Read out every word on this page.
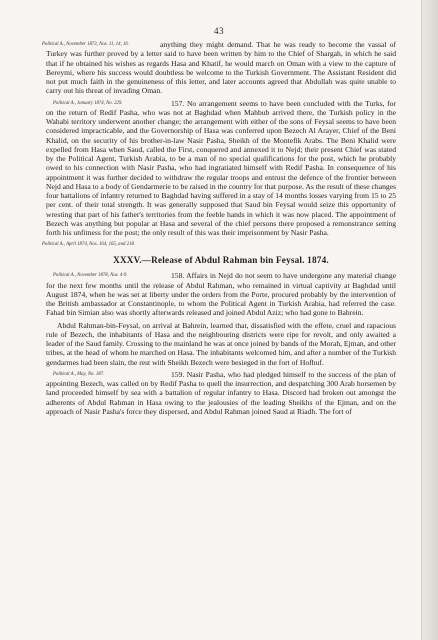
43

Political A., November 1873, Nos. 11, 14, 16.	anything they might demand. That he was ready to become the vassal of Turkey was further proved by a letter said to have been written by him to the Chief of Shargah, in which he said that if he obtained his wishes as regards Hasa and Khatif, he would march on Oman with a view to the capture of Bereymi, where his success would doubtless be welcome to the Turkish Government. The Assistant Resident did not put much faith in the genuineness of this letter, and later accounts agreed that Abdullah was quite unable to carry out his threat of invading Oman.

Political A., January 1874, No. 229.	157. No arrangement seems to have been concluded with the Turks, for on the return of Redif Pasha, who was not at Baghdad when Mahbub arrived there, the Turkish policy in the Wahabi territory underwent another change; the arrangement with either of the sons of Feysal seems to have been considered impracticable, and the Governorship of Hasa was conferred upon Bezech Al Arayer, Chief of the Beni Khalid, on the security of his brother-in-law Nasir Pasha, Sheikh of the Montefik Arabs. The Beni Khalid were expelled from Hasa when Saud, called the First, conquered and annexed it to Nejd; their present Chief was stated by the Political Agent, Turkish Arabia, to be a man of no special qualifications for the post, which he probably owed to his connection with Nasir Pasha, who had ingratiated himself with Redif Pasha. In consequence of his appointment it was further decided to withdraw the regular troops and entrust the defence of the frontier between Nejd and Hasa to a body of Gendarmerie to be raised in the country for that purpose. As the result of these changes four battalions of infantry returned to Baghdad having suffered in a stay of 14 months losses varying from 15 to 25 per cent. of their total strength. It was generally supposed that Saud bin Feysal would seize this opportunity of wresting that part of his father's territories from the feeble hands in which it was now placed. The appointment of Bezech was anything but popular at Hasa and several of the chief persons there proposed a remonstrance setting forth his unfitness for the post; the only result of this was their imprisonment by Nasir Pasha.

Political A., April 1874, Nos. 164, 165, and 218.

XXXV.—Release of Abdul Rahman bin Feysal. 1874.

Political A., November 1878, Nos. 4-9.	158. Affairs in Nejd do not seem to have undergone any material change for the next few months until the release of Abdul Rahman, who remained in virtual captivity at Baghdad until August 1874, when he was set at liberty under the orders from the Porte, procured probably by the intervention of the British ambassador at Constantinople, to whom the Political Agent in Turkish Arabia, had referred the case. Fahad bin Simian also was shortly afterwards released and joined Abdul Aziz; who had gone to Bahrein.

Abdul Rahman-bin-Feysal, on arrival at Bahrein, learned that, dissatisfied with the effete, cruel and rapacious rule of Bezech, the inhabitants of Hasa and the neighbouring districts were ripe for revolt, and only awaited a leader of the Saud family. Crossing to the mainland he was at once joined by bands of the Morah, Ejman, and other tribes, at the head of whom he marched on Hasa. The inhabitants welcomed him, and after a number of the Turkish gendarmes had been slain, the rest with Sheikh Bezech were besieged in the fort of Hofhuf.

Political A., May, No. 187.	159. Nasir Pasha, who had pledged himself to the success of the plan of appointing Bezech, was called on by Redif Pasha to quell the insurrection, and despatching 300 Arab horsemen by land proceeded himself by sea with a battalion of regular infantry to Hasa. Discord had broken out amongst the adherents of Abdul Rahman in Hasa owing to the jealousies of the leading Sheikhs of the Ejman, and on the approach of Nasir Pasha's force they dispersed, and Abdul Rahman joined Saud at Riadh. The fort of
